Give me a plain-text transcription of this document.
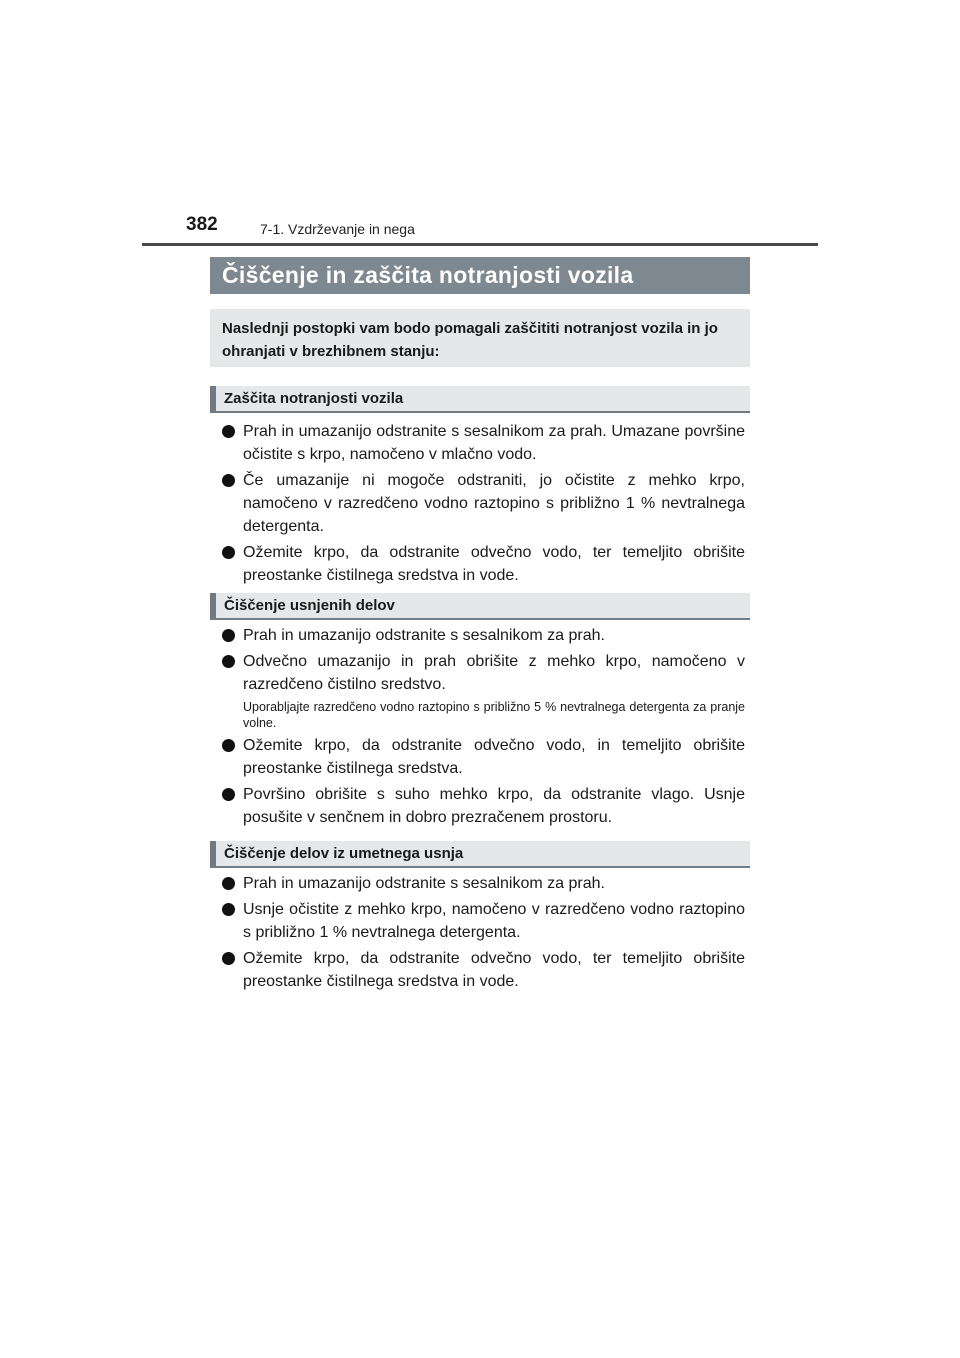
382	7-1. Vzdrževanje in nega
Čiščenje in zaščita notranjosti vozila

Naslednji postopki vam bodo pomagali zaščititi notranjost vozila in jo ohranjati v brezhibnem stanju:

Zaščita notranjosti vozila
Prah in umazanijo odstranite s sesalnikom za prah. Umazane površine očistite s krpo, namočeno v mlačno vodo.
Če umazanije ni mogoče odstraniti, jo očistite z mehko krpo, namočeno v razredčeno vodno raztopino s približno 1 % nevtralnega detergenta.
Ožemite krpo, da odstranite odvečno vodo, ter temeljito obrišite preostanke čistilnega sredstva in vode.
Čiščenje usnjenih delov
Prah in umazanijo odstranite s sesalnikom za prah.
Odvečno umazanijo in prah obrišite z mehko krpo, namočeno v razredčeno čistilno sredstvo.

Uporabljajte razredčeno vodno raztopino s približno 5 % nevtralnega detergenta za pranje volne.

Ožemite krpo, da odstranite odvečno vodo, in temeljito obrišite preostanke čistilnega sredstva.
Površino obrišite s suho mehko krpo, da odstranite vlago. Usnje posušite v senčnem in dobro prezračenem prostoru.
Čiščenje delov iz umetnega usnja
Prah in umazanijo odstranite s sesalnikom za prah.
Usnje očistite z mehko krpo, namočeno v razredčeno vodno raztopino s približno 1 % nevtralnega detergenta.
Ožemite krpo, da odstranite odvečno vodo, ter temeljito obrišite preostanke čistilnega sredstva in vode.
